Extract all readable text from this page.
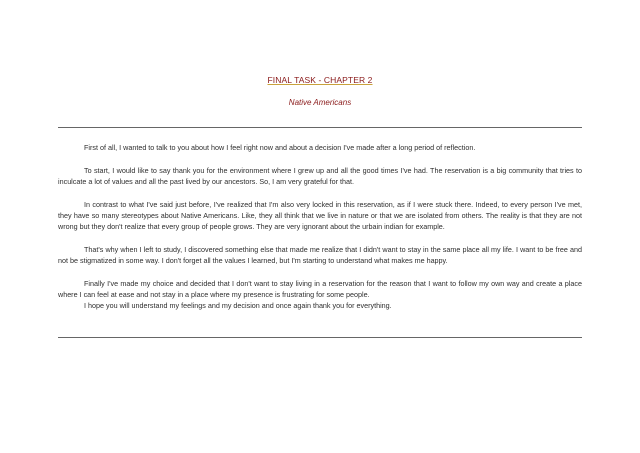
FINAL TASK - CHAPTER 2
Native Americans

First of all, I wanted to talk to you about how I feel right now and about a decision I've made after a long period of reflection.

To start, I would like to say thank you for the environment where I grew up and all the good times I've had. The reservation is a big community that tries to inculcate a lot of values and all the past lived by our ancestors. So, I am very grateful for that.

In contrast to what I've said just before, I've realized that I'm also very locked in this reservation, as if I were stuck there. Indeed, to every person I've met, they have so many stereotypes about Native Americans. Like, they all think that we live in nature or that we are isolated from others. The reality is that they are not wrong but they don't realize that every group of people grows. They are very ignorant about the urbain indian for example.

That's why when I left to study, I discovered something else that made me realize that I didn't want to stay in the same place all my life. I want to be free and not be stigmatized in some way. I don't forget all the values I learned, but I'm starting to understand what makes me happy.

Finally I've made my choice and decided that I don't want to stay living in a reservation for the reason that I want to follow my own way and create a place where I can feel at ease and not stay in a place where my presence is frustrating for some people.

I hope you will understand my feelings and my decision and once again thank you for everything.
